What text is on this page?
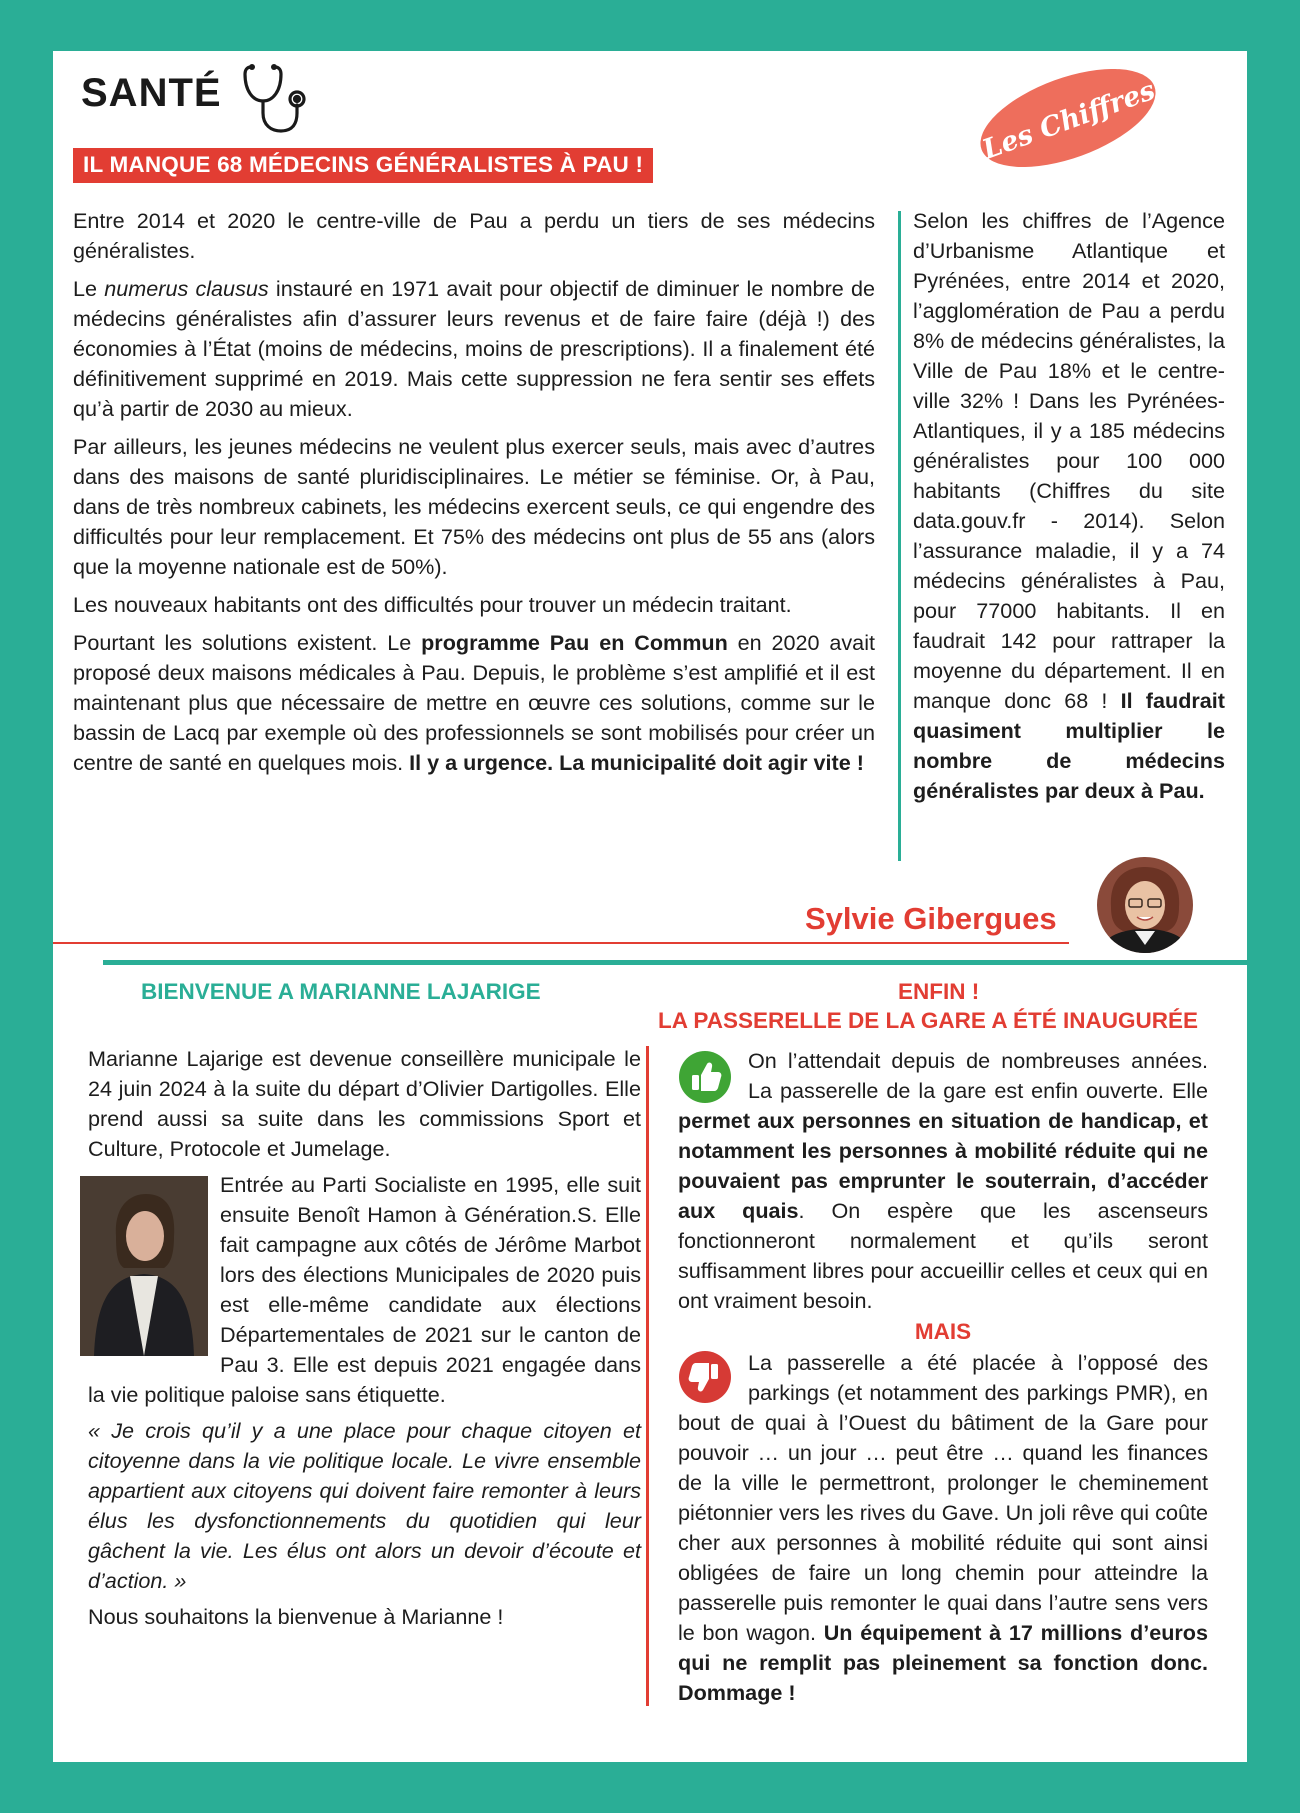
SANTÉ
IL MANQUE 68 MÉDECINS GÉNÉRALISTES À PAU !	Les Chiffres

Entre 2014 et 2020 le centre-ville de Pau a perdu un tiers de ses médecins généralistes.

Le numerus clausus instauré en 1971 avait pour objectif de diminuer le nombre de médecins généralistes afin d’assurer leurs revenus et de faire faire (déjà !) des économies à l’État (moins de médecins, moins de prescriptions). Il a finalement été définitivement supprimé en 2019. Mais cette suppression ne fera sentir ses effets qu’à partir de 2030 au mieux.

Par ailleurs, les jeunes médecins ne veulent plus exercer seuls, mais avec d’autres dans des maisons de santé pluridisciplinaires. Le métier se féminise. Or, à Pau, dans de très nombreux cabinets, les médecins exercent seuls, ce qui engendre des difficultés pour leur remplacement. Et 75% des médecins ont plus de 55 ans (alors que la moyenne nationale est de 50%).

Les nouveaux habitants ont des difficultés pour trouver un médecin traitant.

Pourtant les solutions existent. Le programme Pau en Commun en 2020 avait proposé deux maisons médicales à Pau. Depuis, le problème s’est amplifié et il est maintenant plus que nécessaire de mettre en œuvre ces solutions, comme sur le bassin de Lacq par exemple où des professionnels se sont mobilisés pour créer un centre de santé en quelques mois. Il y a urgence. La municipalité doit agir vite !

Selon les chiffres de l’Agence d’Urbanisme Atlantique et Pyrénées, entre 2014 et 2020, l’agglomération de Pau a perdu 8% de médecins généralistes, la Ville de Pau 18% et le centre-ville 32% ! Dans les Pyrénées-Atlantiques, il y a 185 médecins généralistes pour 100 000 habitants (Chiffres du site data.gouv.fr - 2014). Selon l’assurance maladie, il y a 74 médecins généralistes à Pau, pour 77000 habitants. Il en faudrait 142 pour rattraper la moyenne du département. Il en manque donc 68 ! Il faudrait quasiment multiplier le nombre de médecins généralistes par deux à Pau.

Sylvie Gibergues
BIENVENUE A MARIANNE LAJARIGE	ENFIN !
LA PASSERELLE DE LA GARE A ÉTÉ INAUGURÉE

Marianne Lajarige est devenue conseillère municipale le 24 juin 2024 à la suite du départ d’Olivier Dartigolles. Elle prend aussi sa suite dans les commissions Sport et Culture, Protocole et Jumelage.

Entrée au Parti Socialiste en 1995, elle suit ensuite Benoît Hamon à Génération.S. Elle fait campagne aux côtés de Jérôme Marbot lors des élections Municipales de 2020 puis est elle-même candidate aux élections Départementales de 2021 sur le canton de Pau 3. Elle est depuis 2021 engagée dans la vie politique paloise sans étiquette.

« Je crois qu’il y a une place pour chaque citoyen et citoyenne dans la vie politique locale. Le vivre ensemble appartient aux citoyens qui doivent faire remonter à leurs élus les dysfonctionnements du quotidien qui leur gâchent la vie. Les élus ont alors un devoir d’écoute et d’action. »

Nous souhaitons la bienvenue à Marianne !

On l’attendait depuis de nombreuses années. La passerelle de la gare est enfin ouverte. Elle permet aux personnes en situation de handicap, et notamment les personnes à mobilité réduite qui ne pouvaient pas emprunter le souterrain, d’accéder aux quais. On espère que les ascenseurs fonctionneront normalement et qu’ils seront suffisamment libres pour accueillir celles et ceux qui en ont vraiment besoin.

MAIS

La passerelle a été placée à l’opposé des parkings (et notamment des parkings PMR), en bout de quai à l’Ouest du bâtiment de la Gare pour pouvoir … un jour … peut être … quand les finances de la ville le permettront, prolonger le cheminement piétonnier vers les rives du Gave. Un joli rêve qui coûte cher aux personnes à mobilité réduite qui sont ainsi obligées de faire un long chemin pour atteindre la passerelle puis remonter le quai dans l’autre sens vers le bon wagon. Un équipement à 17 millions d’euros qui ne remplit pas pleinement sa fonction donc. Dommage !
